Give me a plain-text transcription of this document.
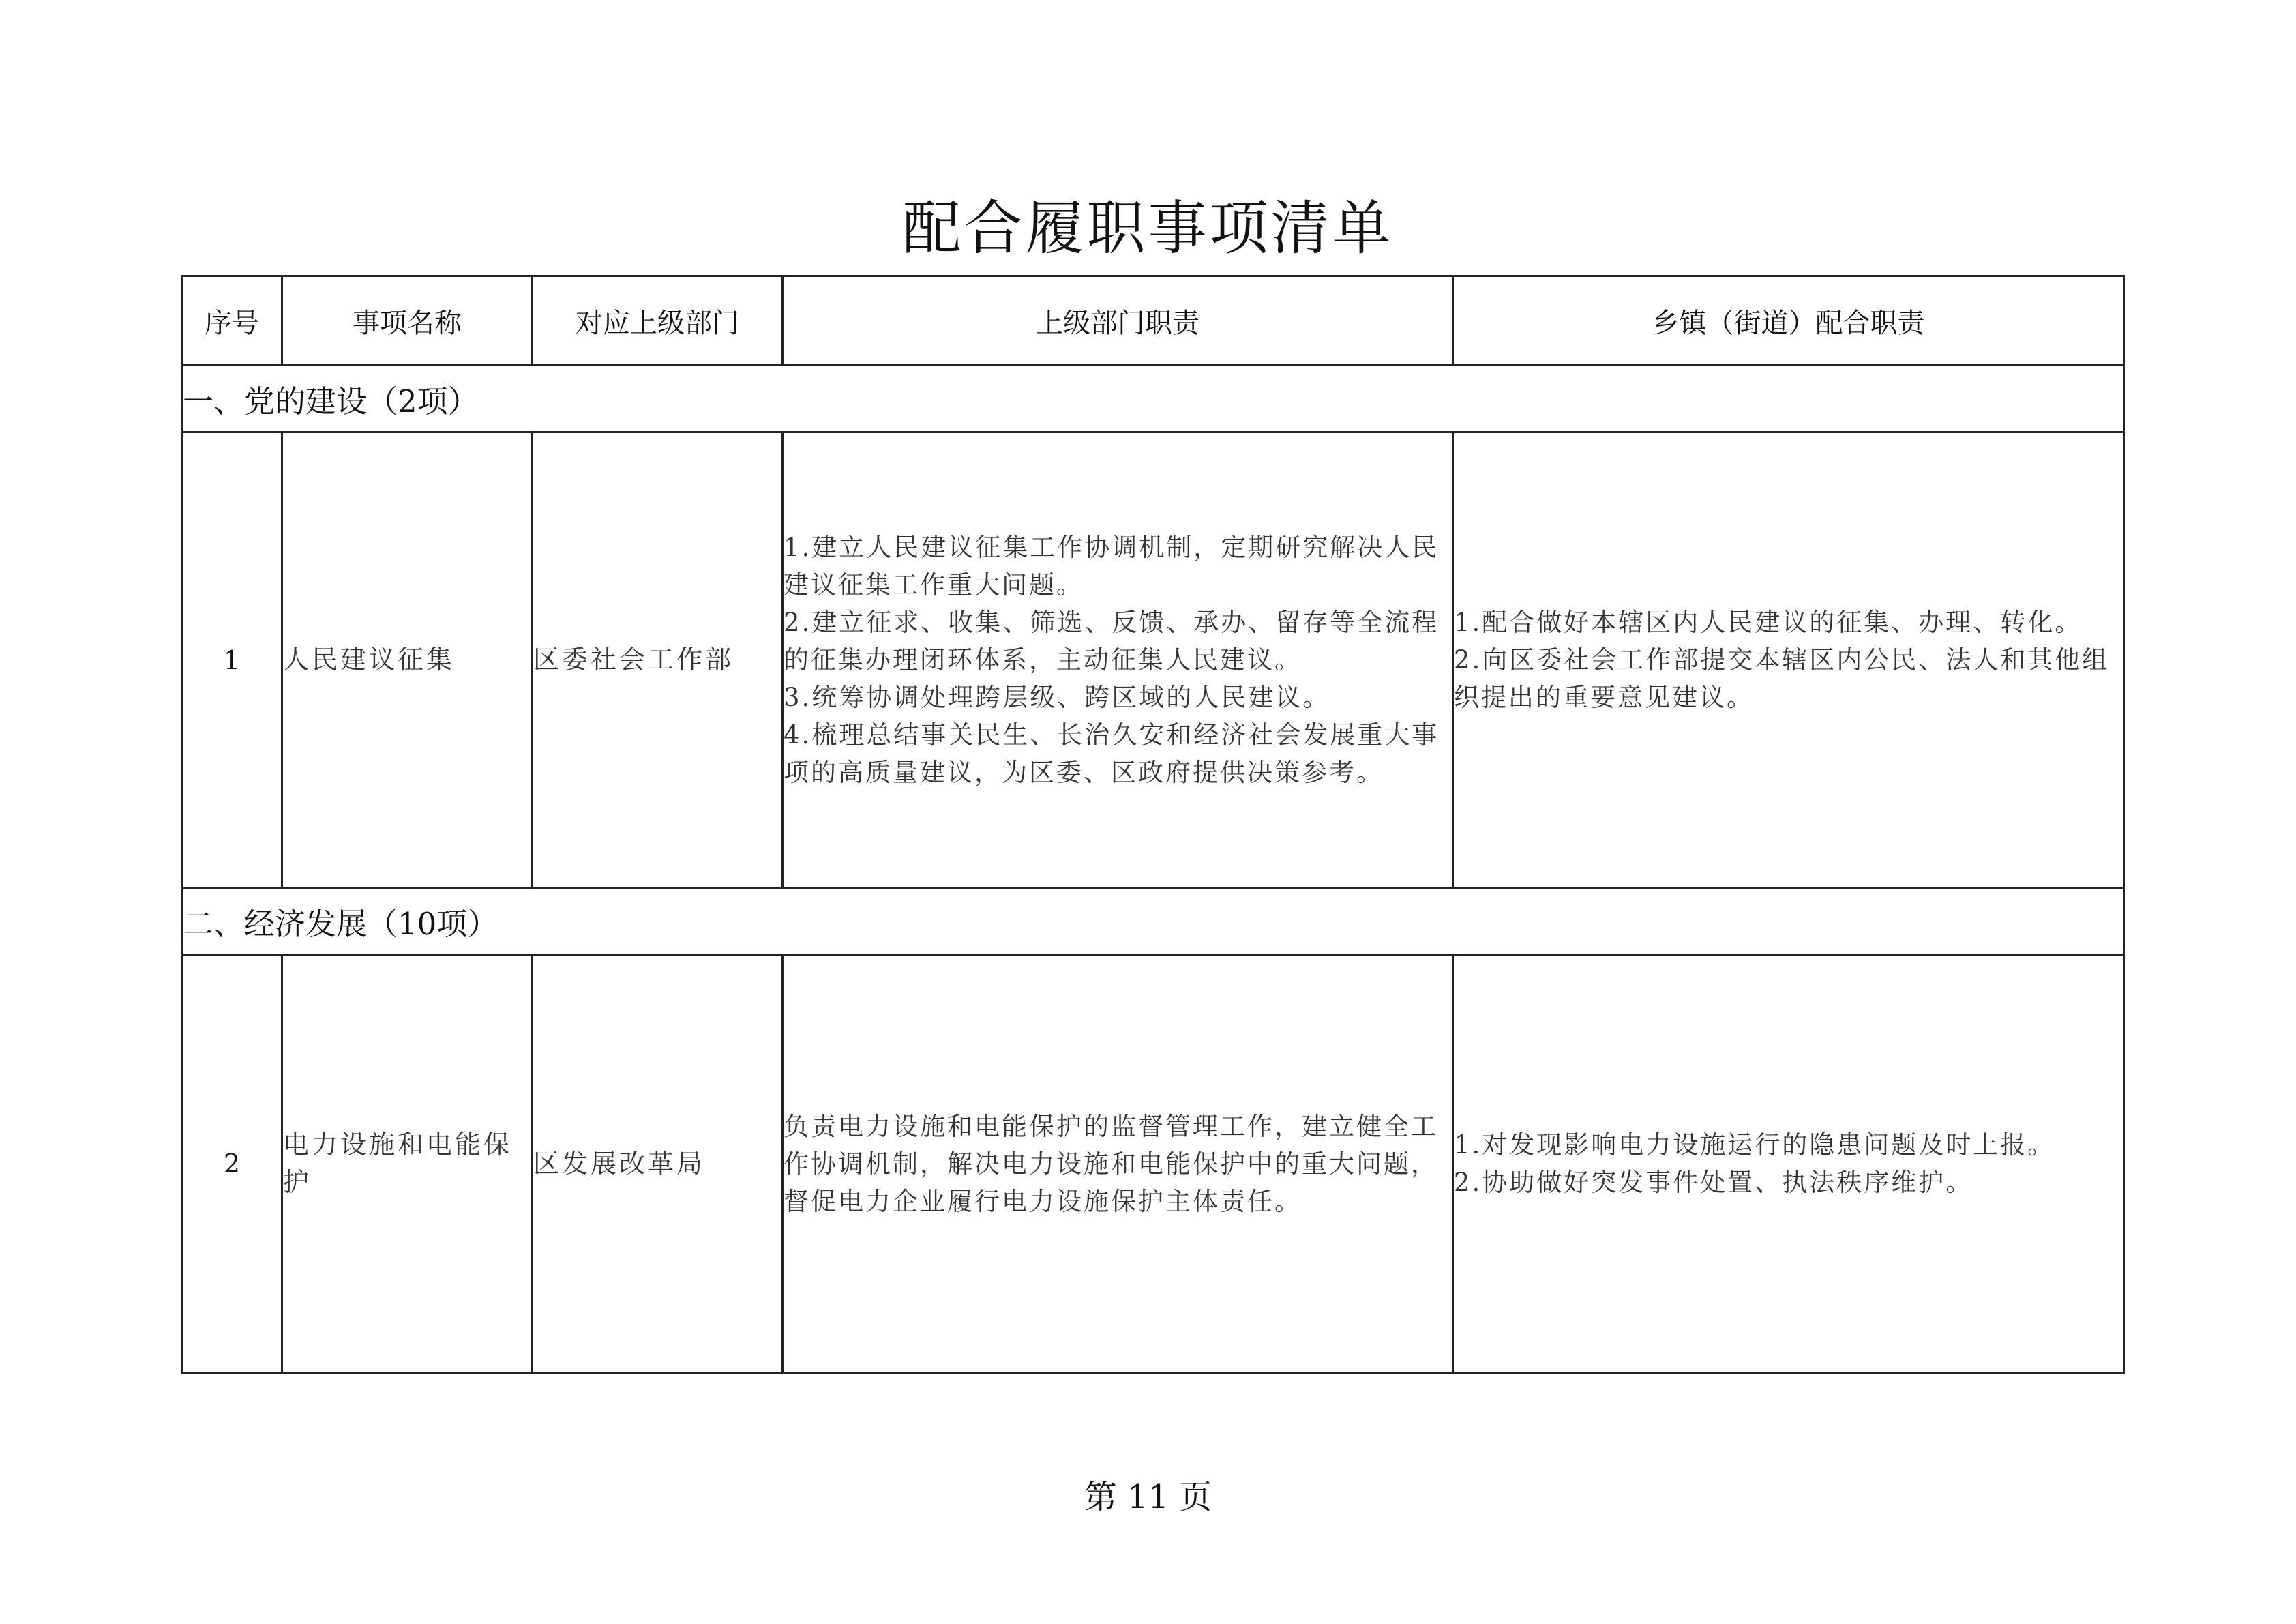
配合履职事项清单
序号	事项名称	对应上级部门	上级部门职责	乡镇（街道）配合职责
一、党的建设（2项）				
1	人民建议征集	区委社会工作部	1.建立人民建议征集工作协调机制，定期研究解决人民建议征集工作重大问题。
2.建立征求、收集、筛选、反馈、承办、留存等全流程的征集办理闭环体系，主动征集人民建议。
3.统筹协调处理跨层级、跨区域的人民建议。
4.梳理总结事关民生、长治久安和经济社会发展重大事项的高质量建议，为区委、区政府提供决策参考。	1.配合做好本辖区内人民建议的征集、办理、转化。
2.向区委社会工作部提交本辖区内公民、法人和其他组织提出的重要意见建议。

二、经济发展（10项）				
2	电力设施和电能保护	区发展改革局	负责电力设施和电能保护的监督管理工作，建立健全工作协调机制，解决电力设施和电能保护中的重大问题，督促电力企业履行电力设施保护主体责任。	1.对发现影响电力设施运行的隐患问题及时上报。
2.协助做好突发事件处置、执法秩序维护。
第 11 页
